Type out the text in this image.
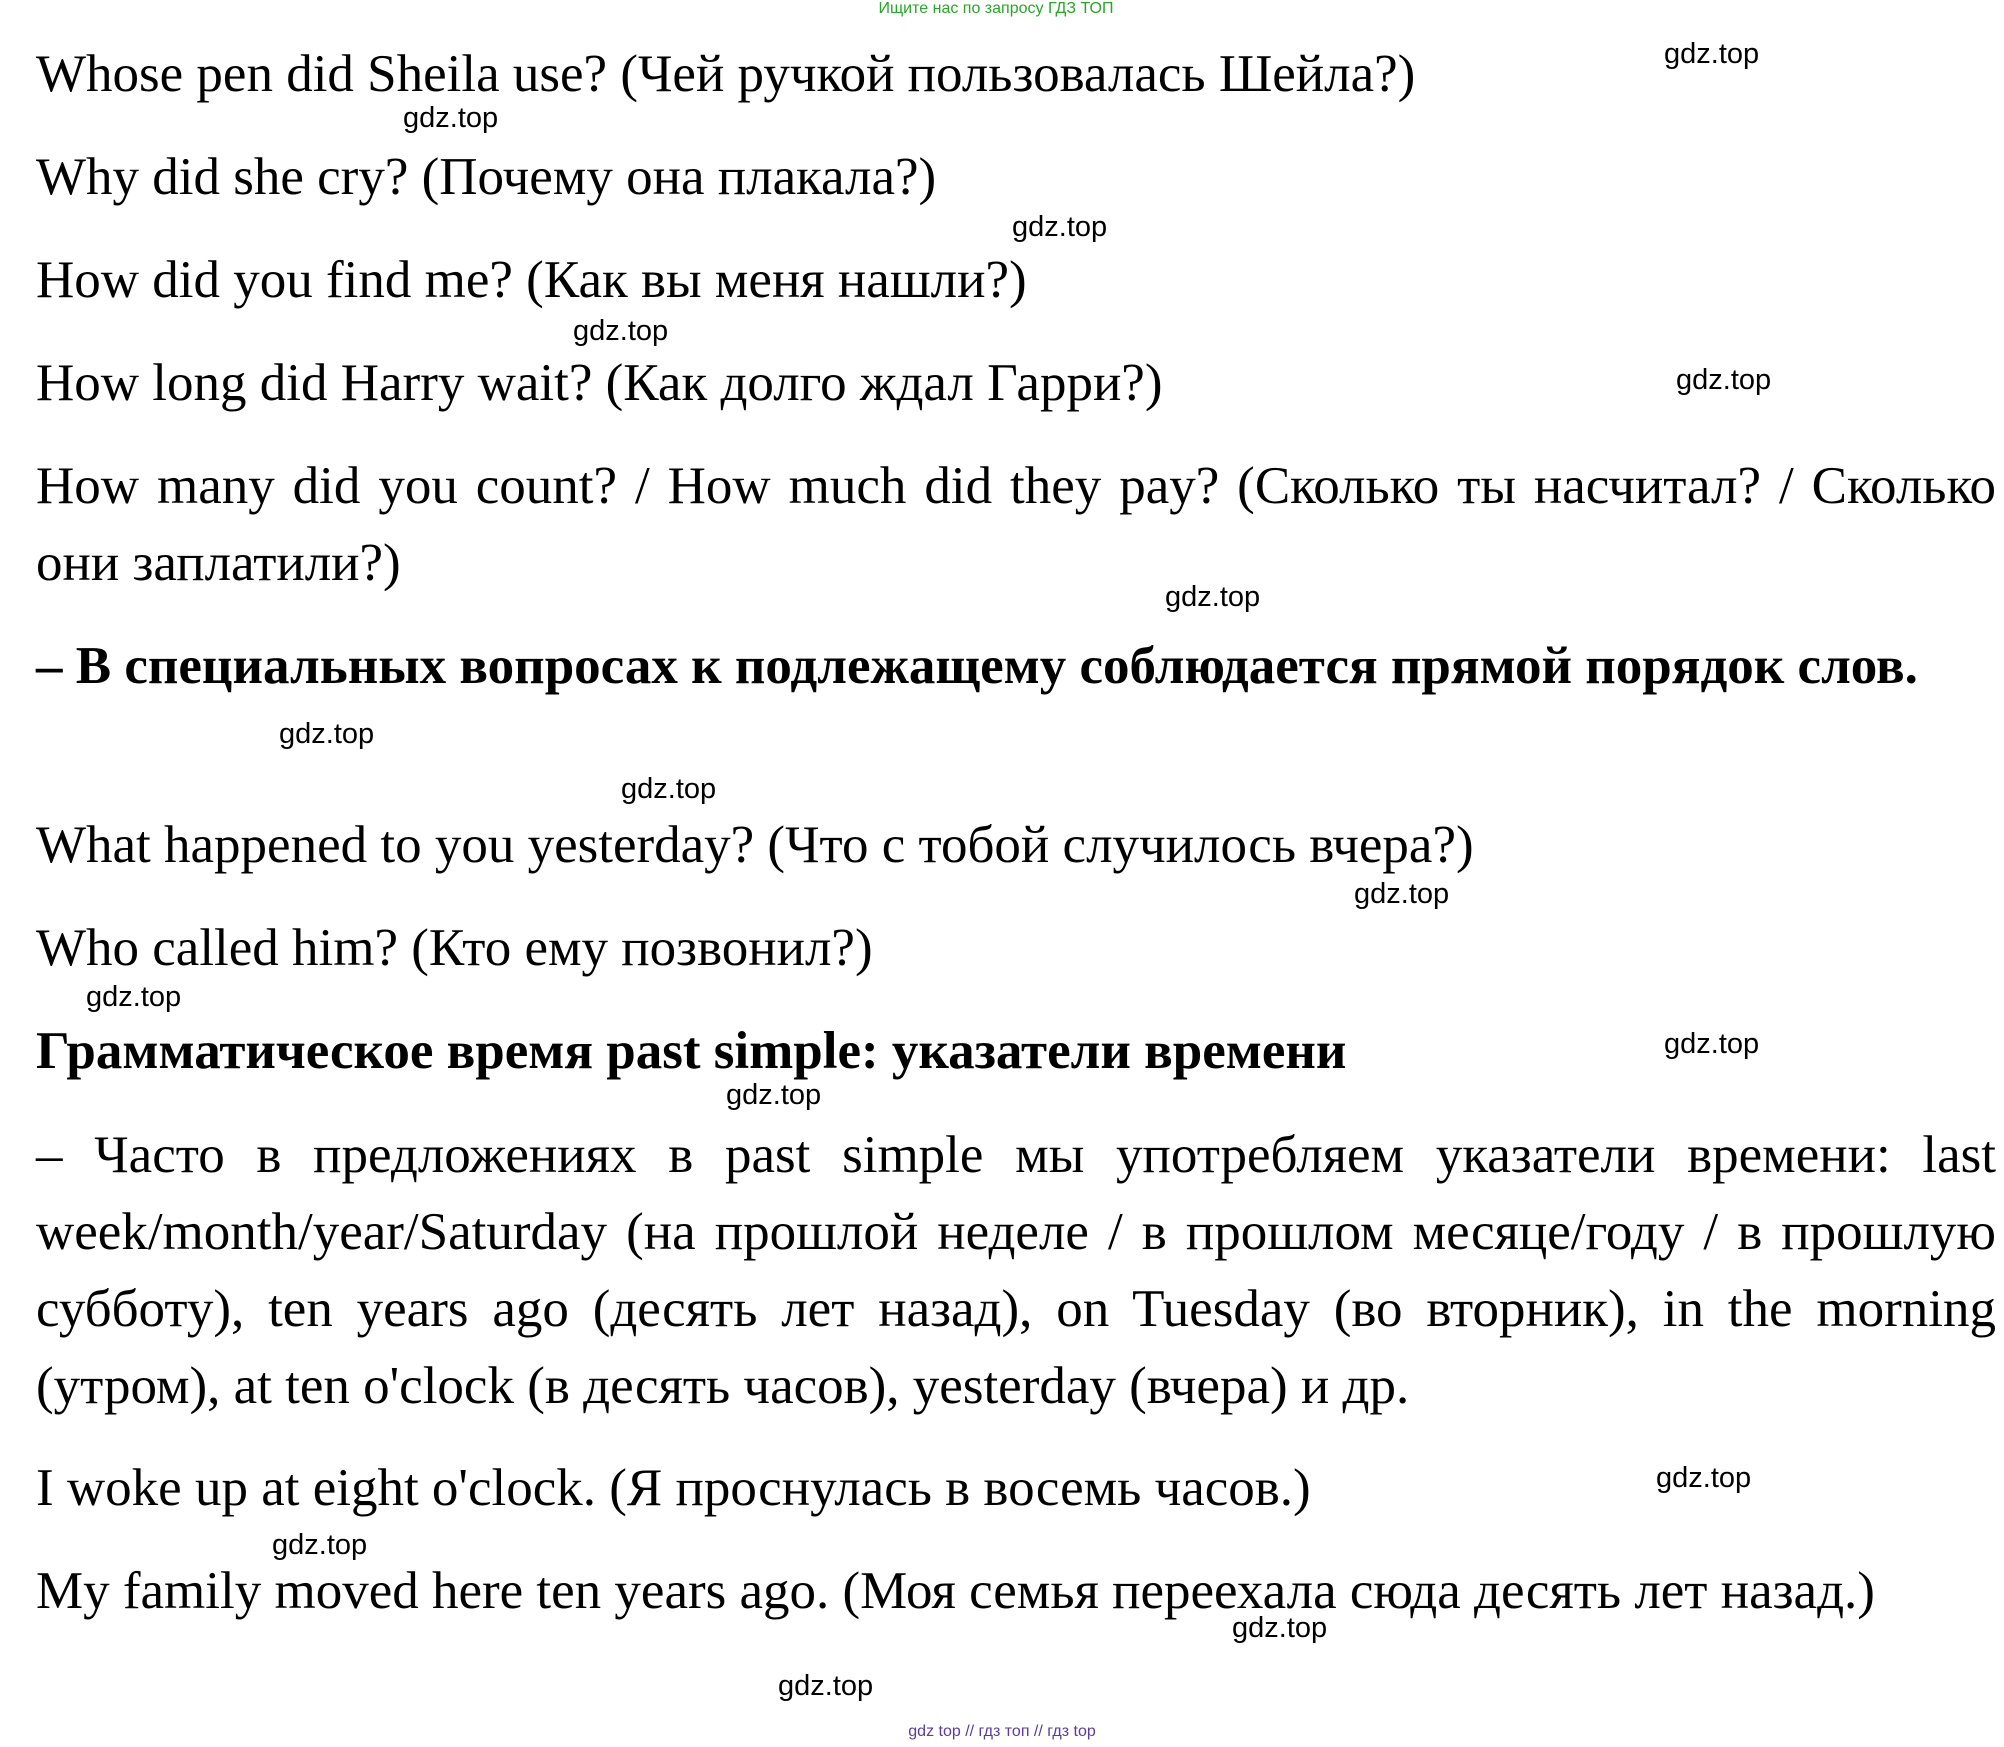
Ищите нас по запросу ГДЗ ТОП
Whose pen did Sheila use? (Чей ручкой пользовалась Шейла?)
Why did she cry? (Почему она плакала?)
How did you find me? (Как вы меня нашли?)
How long did Harry wait? (Как долго ждал Гарри?)
How many did you count? / How much did they pay? (Сколько ты насчитал? / Сколько они заплатили?)
– В специальных вопросах к подлежащему соблюдается прямой порядок слов.
What happened to you yesterday? (Что с тобой случилось вчера?)
Who called him? (Кто ему позвонил?)
Грамматическое время past simple: указатели времени
– Часто в предложениях в past simple мы употребляем указатели времени: last week/month/year/Saturday (на прошлой неделе / в прошлом месяце/году / в прошлую субботу), ten years ago (десять лет назад), on Tuesday (во вторник), in the morning (утром), at ten o'clock (в десять часов), yesterday (вчера) и др.
I woke up at eight o'clock. (Я проснулась в восемь часов.)
My family moved here ten years ago. (Моя семья переехала сюда десять лет назад.)
gdz.top
gdz.top
gdz.top
gdz.top
gdz.top
gdz.top
gdz.top
gdz.top
gdz.top
gdz.top
gdz.top
gdz.top
gdz.top
gdz.top
gdz.top
gdz.top
gdz top // гдз топ // гдз top
